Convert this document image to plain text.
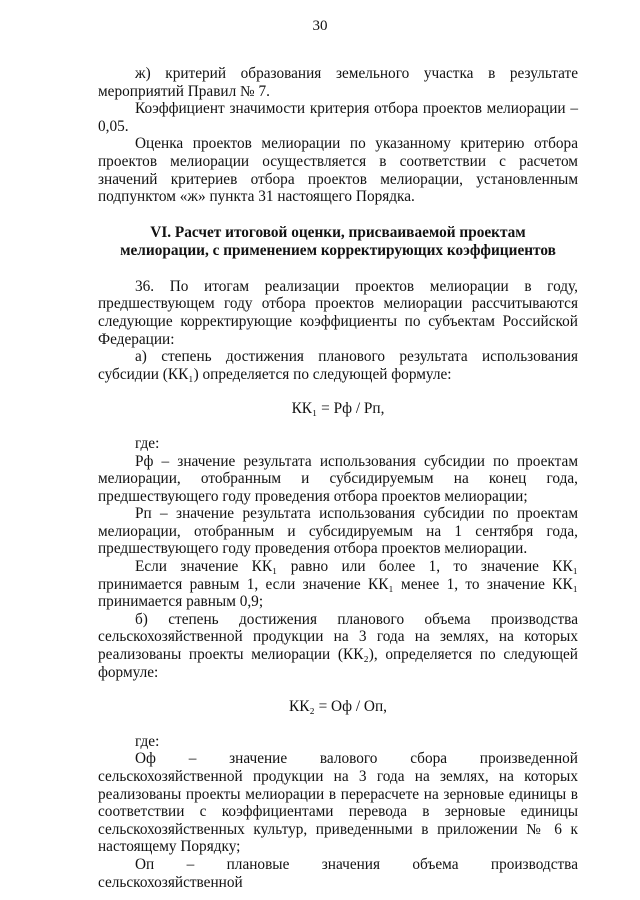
30

ж) критерий образования земельного участка в результате мероприятий Правил № 7.

Коэффициент значимости критерия отбора проектов мелиорации – 0,05.

Оценка проектов мелиорации по указанному критерию отбора проектов мелиорации осуществляется в соответствии с расчетом значений критериев отбора проектов мелиорации, установленным подпунктом «ж» пункта 31 настоящего Порядка.

VI. Расчет итоговой оценки, присваиваемой проектам
мелиорации, с применением корректирующих коэффициентов

36. По итогам реализации проектов мелиорации в году, предшествующем году отбора проектов мелиорации рассчитываются следующие корректирующие коэффициенты по субъектам Российской Федерации:

а) степень достижения планового результата использования субсидии (КК₁) определяется по следующей формуле:

КК₁ = Рф / Рп,

где:

Рф – значение результата использования субсидии по проектам мелиорации, отобранным и субсидируемым на конец года, предшествующего году проведения отбора проектов мелиорации;

Рп – значение результата использования субсидии по проектам мелиорации, отобранным и субсидируемым на 1 сентября года, предшествующего году проведения отбора проектов мелиорации.

Если значение КК₁ равно или более 1, то значение КК₁ принимается равным 1, если значение КК₁ менее 1, то значение КК₁ принимается равным 0,9;

б) степень достижения планового объема производства сельскохозяйственной продукции на 3 года на землях, на которых реализованы проекты мелиорации (КК₂), определяется по следующей формуле:

КК₂ = Оф / Оп,

где:

Оф – значение валового сбора произведенной сельскохозяйственной продукции на 3 года на землях, на которых реализованы проекты мелиорации в перерасчете на зерновые единицы в соответствии с коэффициентами перевода в зерновые единицы сельскохозяйственных культур, приведенными в приложении № 6 к настоящему Порядку;

Оп – плановые значения объема производства сельскохозяйственной
